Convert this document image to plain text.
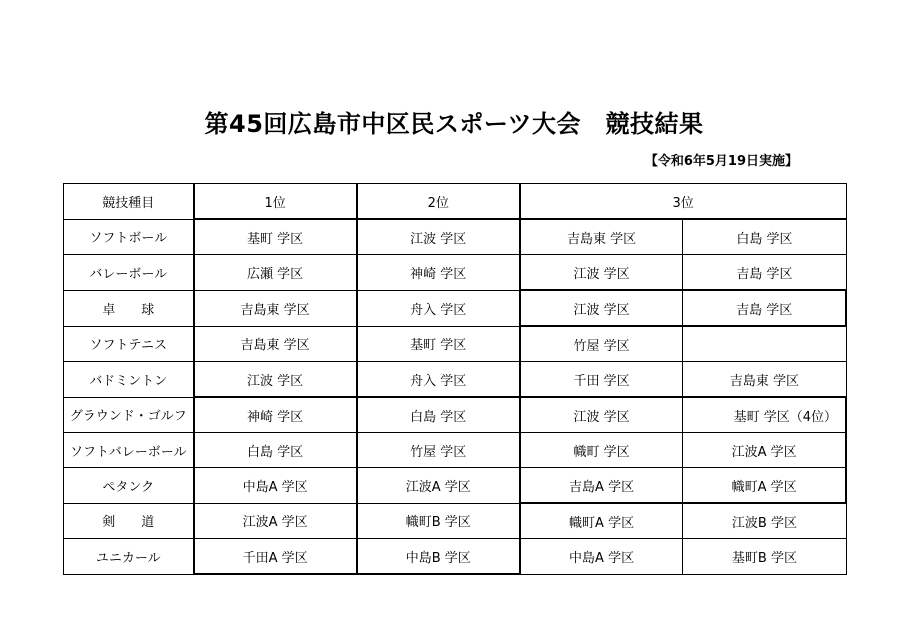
第45回広島市中区民スポーツ大会　競技結果
【令和6年5月19日実施】
競技種目	1位	2位	3位	
ソフトボール	基町 学区	江波 学区	吉島東 学区	白島 学区
バレーボール	広瀬 学区	神崎 学区	江波 学区	吉島 学区
卓　　球	吉島東 学区	舟入 学区	江波 学区	吉島 学区
ソフトテニス	吉島東 学区	基町 学区	竹屋 学区	
バドミントン	江波 学区	舟入 学区	千田 学区	吉島東 学区
グラウンド・ゴルフ	神崎 学区	白島 学区	江波 学区	基町 学区（4位）
ソフトバレーボール	白島 学区	竹屋 学区	幟町 学区	江波A 学区
ペタンク	中島A 学区	江波A 学区	吉島A 学区	幟町A 学区
剣　　道	江波A 学区	幟町B 学区	幟町A 学区	江波B 学区
ユニカール	千田A 学区	中島B 学区	中島A 学区	基町B 学区
